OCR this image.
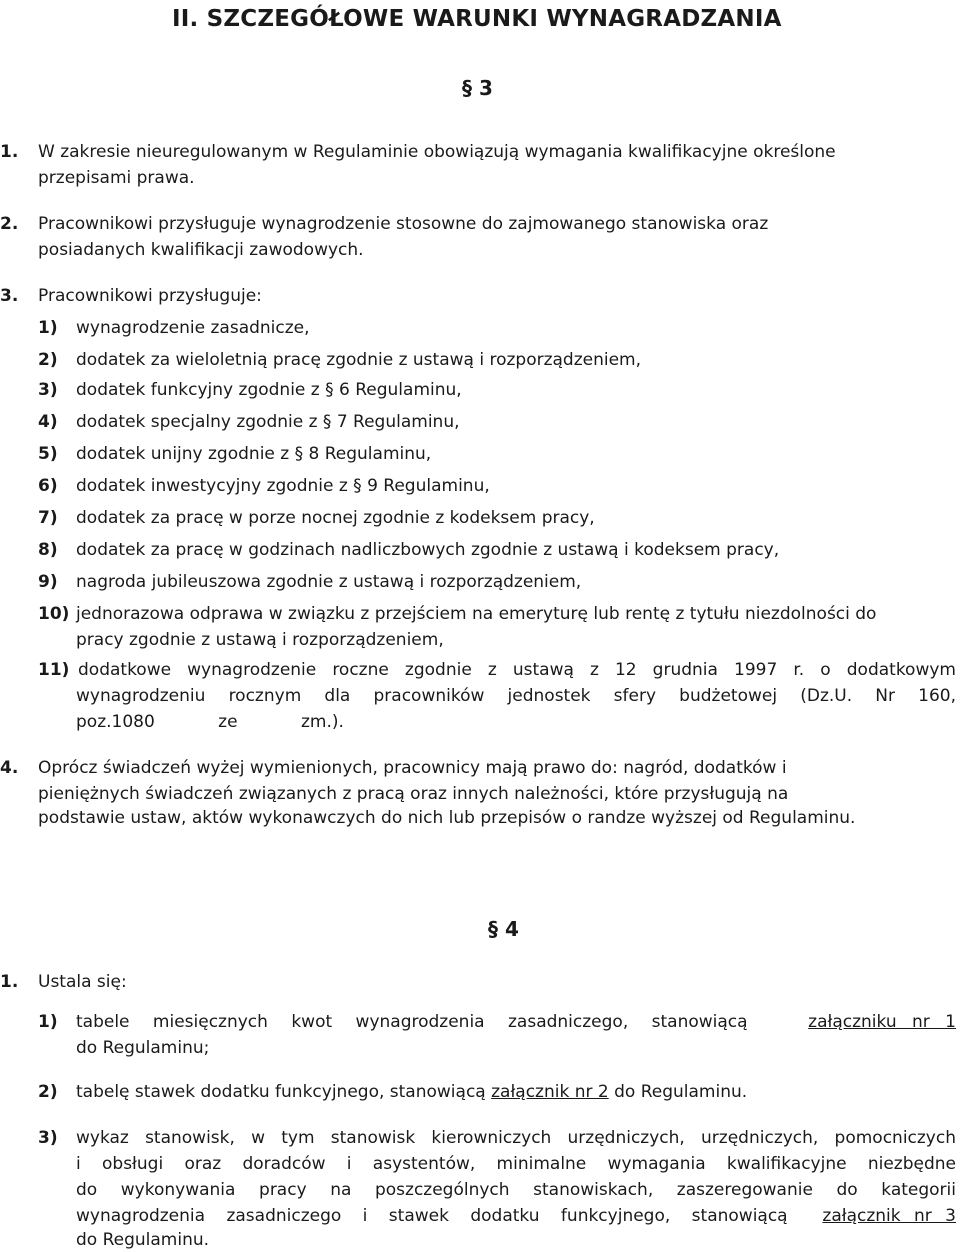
II. SZCZEGÓŁOWE WARUNKI WYNAGRADZANIA
§ 3
1. W zakresie nieuregulowanym w Regulaminie obowiązują wymagania kwalifikacyjne określone
przepisami prawa.
2. Pracownikowi przysługuje wynagrodzenie stosowne do zajmowanego stanowiska oraz
posiadanych kwalifikacji zawodowych.
3. Pracownikowi przysługuje:
1) wynagrodzenie zasadnicze,
2) dodatek za wieloletnią pracę zgodnie z ustawą i rozporządzeniem,
3) dodatek funkcyjny zgodnie z § 6 Regulaminu,
4) dodatek specjalny zgodnie z § 7 Regulaminu,
5) dodatek unijny zgodnie z § 8 Regulaminu,
6) dodatek inwestycyjny zgodnie z § 9 Regulaminu,
7) dodatek za pracę w porze nocnej zgodnie z kodeksem pracy,
8) dodatek za pracę w godzinach nadliczbowych zgodnie z ustawą i kodeksem pracy,
9) nagroda jubileuszowa zgodnie z ustawą i rozporządzeniem,
10) jednorazowa odprawa w związku z przejściem na emeryturę lub rentę z tytułu niezdolności do
pracy zgodnie z ustawą i rozporządzeniem,
11) dodatkowe wynagrodzenie roczne zgodnie z ustawą z 12 grudnia 1997 r. o dodatkowym
wynagrodzeniu rocznym dla pracowników jednostek sfery budżetowej (Dz.U. Nr 160,
poz.1080 ze zm.).
4. Oprócz świadczeń wyżej wymienionych, pracownicy mają prawo do: nagród, dodatków i
pieniężnych świadczeń związanych z pracą oraz innych należności, które przysługują na
podstawie ustaw, aktów wykonawczych do nich lub przepisów o randze wyższej od Regulaminu.
§ 4
1. Ustala się:
1) tabele miesięcznych kwot wynagrodzenia zasadniczego, stanowiącą	załączniku nr 1
do Regulaminu;
2) tabelę stawek dodatku funkcyjnego, stanowiącą załącznik nr 2 do Regulaminu.
3) wykaz stanowisk, w tym stanowisk kierowniczych urzędniczych, urzędniczych, pomocniczych
i obsługi oraz doradców i asystentów, minimalne wymagania kwalifikacyjne niezbędne
do wykonywania pracy na poszczególnych stanowiskach, zaszeregowanie do kategorii
wynagrodzenia zasadniczego i stawek dodatku funkcyjnego, stanowiącą załącznik nr 3
do Regulaminu.
